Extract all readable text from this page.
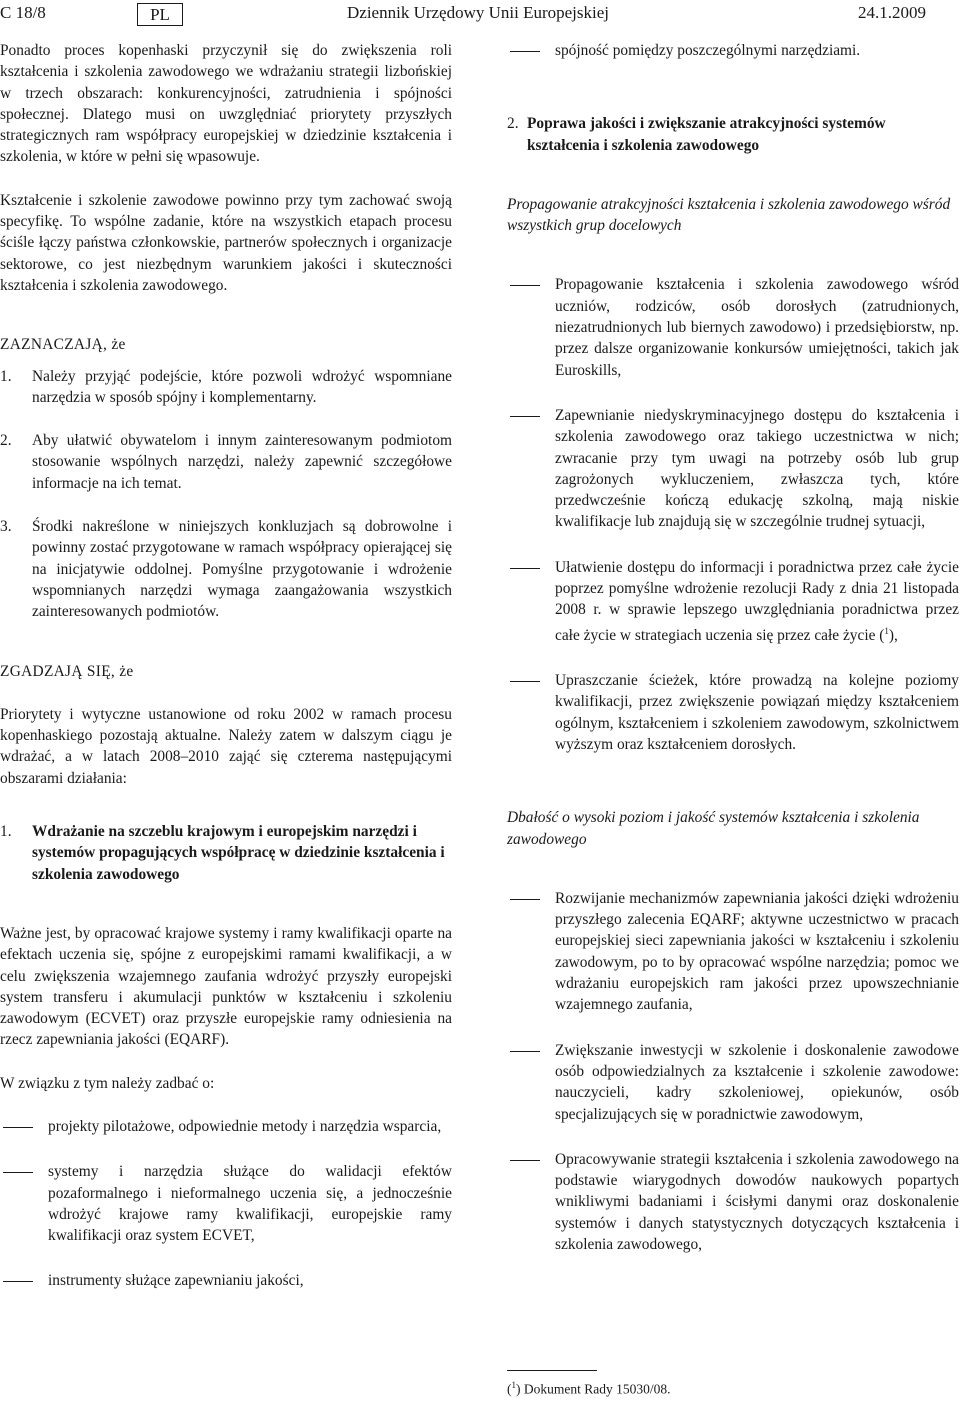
C 18/8	PL	Dziennik Urzędowy Unii Europejskiej	24.1.2009

Ponadto proces kopenhaski przyczynił się do zwiększenia roli kształcenia i szkolenia zawodowego we wdrażaniu strategii lizbońskiej w trzech obszarach: konkurencyjności, zatrudnienia i spójności społecznej. Dlatego musi on uwzględniać priorytety przyszłych strategicznych ram współpracy europejskiej w dziedzinie kształcenia i szkolenia, w które w pełni się wpasowuje.

Kształcenie i szkolenie zawodowe powinno przy tym zachować swoją specyfikę. To wspólne zadanie, które na wszystkich etapach procesu ściśle łączy państwa członkowskie, partnerów społecznych i organizacje sektorowe, co jest niezbędnym warunkiem jakości i skuteczności kształcenia i szkolenia zawodowego.

ZAZNACZAJĄ, że

1.	Należy przyjąć podejście, które pozwoli wdrożyć wspomniane narzędzia w sposób spójny i komplementarny.
2.	Aby ułatwić obywatelom i innym zainteresowanym podmiotom stosowanie wspólnych narzędzi, należy zapewnić szczegółowe informacje na ich temat.
3.	Środki nakreślone w niniejszych konkluzjach są dobrowolne i powinny zostać przygotowane w ramach współpracy opierającej się na inicjatywie oddolnej. Pomyślne przygotowanie i wdrożenie wspomnianych narzędzi wymaga zaangażowania wszystkich zainteresowanych podmiotów.

ZGADZAJĄ SIĘ, że

Priorytety i wytyczne ustanowione od roku 2002 w ramach procesu kopenhaskiego pozostają aktualne. Należy zatem w dalszym ciągu je wdrażać, a w latach 2008–2010 zająć się czterema następującymi obszarami działania:

1.	Wdrażanie na szczeblu krajowym i europejskim narzędzi i systemów propagujących współpracę w dziedzinie kształcenia i szkolenia zawodowego

Ważne jest, by opracować krajowe systemy i ramy kwalifikacji oparte na efektach uczenia się, spójne z europejskimi ramami kwalifikacji, a w celu zwiększenia wzajemnego zaufania wdrożyć przyszły europejski system transferu i akumulacji punktów w kształceniu i szkoleniu zawodowym (ECVET) oraz przyszłe europejskie ramy odniesienia na rzecz zapewniania jakości (EQARF).

W związku z tym należy zadbać o:

projekty pilotażowe, odpowiednie metody i narzędzia wsparcia,
systemy i narzędzia służące do walidacji efektów pozaformalnego i nieformalnego uczenia się, a jednocześnie wdrożyć krajowe ramy kwalifikacji, europejskie ramy kwalifikacji oraz system ECVET,
instrumenty służące zapewnianiu jakości,
spójność pomiędzy poszczególnymi narzędziami.
2. Poprawa jakości i zwiększanie atrakcyjności systemów kształcenia i szkolenia zawodowego

Propagowanie atrakcyjności kształcenia i szkolenia zawodowego wśród wszystkich grup docelowych

Propagowanie kształcenia i szkolenia zawodowego wśród uczniów, rodziców, osób dorosłych (zatrudnionych, niezatrudnionych lub biernych zawodowo) i przedsiębiorstw, np. przez dalsze organizowanie konkursów umiejętności, takich jak Euroskills,
Zapewnianie niedyskryminacyjnego dostępu do kształcenia i szkolenia zawodowego oraz takiego uczestnictwa w nich; zwracanie przy tym uwagi na potrzeby osób lub grup zagrożonych wykluczeniem, zwłaszcza tych, które przedwcześnie kończą edukację szkolną, mają niskie kwalifikacje lub znajdują się w szczególnie trudnej sytuacji,
Ułatwienie dostępu do informacji i poradnictwa przez całe życie poprzez pomyślne wdrożenie rezolucji Rady z dnia 21 listopada 2008 r. w sprawie lepszego uwzględniania poradnictwa przez całe życie w strategiach uczenia się przez całe życie ($^1$),
Upraszczanie ścieżek, które prowadzą na kolejne poziomy kwalifikacji, przez zwiększenie powiązań między kształceniem ogólnym, kształceniem i szkoleniem zawodowym, szkolnictwem wyższym oraz kształceniem dorosłych.

Dbałość o wysoki poziom i jakość systemów kształcenia i szkolenia zawodowego

Rozwijanie mechanizmów zapewniania jakości dzięki wdrożeniu przyszłego zalecenia EQARF; aktywne uczestnictwo w pracach europejskiej sieci zapewniania jakości w kształceniu i szkoleniu zawodowym, po to by opracować wspólne narzędzia; pomoc we wdrażaniu europejskich ram jakości przez upowszechnianie wzajemnego zaufania,
Zwiększanie inwestycji w szkolenie i doskonalenie zawodowe osób odpowiedzialnych za kształcenie i szkolenie zawodowe: nauczycieli, kadry szkoleniowej, opiekunów, osób specjalizujących się w poradnictwie zawodowym,
Opracowywanie strategii kształcenia i szkolenia zawodowego na podstawie wiarygodnych dowodów naukowych popartych wnikliwymi badaniami i ścisłymi danymi oraz doskonalenie systemów i danych statystycznych dotyczących kształcenia i szkolenia zawodowego,
($^1$) Dokument Rady 15030/08.
